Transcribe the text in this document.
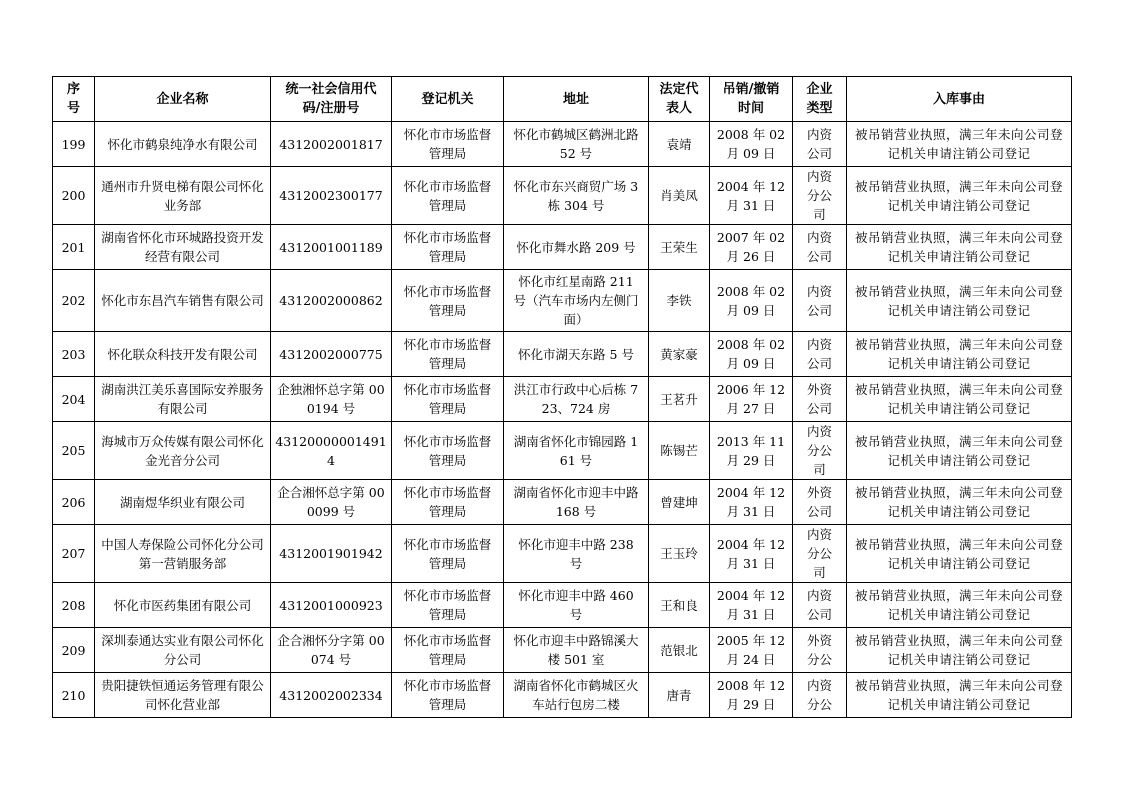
序号	企业名称	统一社会信用代码/注册号	登记机关	地址	法定代表人	吊销/撤销时间	企业类型	入库事由
199	怀化市鹤泉纯净水有限公司	4312002001817	怀化市市场监督管理局	怀化市鹤城区鹤洲北路 52 号	袁靖	2008 年 02 月 09 日	内资公司	被吊销营业执照，满三年未向公司登记机关申请注销公司登记
200	通州市升贤电梯有限公司怀化业务部	4312002300177	怀化市市场监督管理局	怀化市东兴商贸广场 3 栋 304 号	肖美凤	2004 年 12 月 31 日	内资分公司	被吊销营业执照，满三年未向公司登记机关申请注销公司登记
201	湖南省怀化市环城路投资开发经营有限公司	4312001001189	怀化市市场监督管理局	怀化市舞水路 209 号	王荣生	2007 年 02 月 26 日	内资公司	被吊销营业执照，满三年未向公司登记机关申请注销公司登记
202	怀化市东昌汽车销售有限公司	4312002000862	怀化市市场监督管理局	怀化市红星南路 211 号（汽车市场内左侧门面）	李铁	2008 年 02 月 09 日	内资公司	被吊销营业执照，满三年未向公司登记机关申请注销公司登记
203	怀化联众科技开发有限公司	4312002000775	怀化市市场监督管理局	怀化市湖天东路 5 号	黄家豪	2008 年 02 月 09 日	内资公司	被吊销营业执照，满三年未向公司登记机关申请注销公司登记
204	湖南洪江美乐喜国际安养服务有限公司	企独湘怀总字第 000194 号	怀化市市场监督管理局	洪江市行政中心后栋 723、724 房	王茗升	2006 年 12 月 27 日	外资公司	被吊销营业执照，满三年未向公司登记机关申请注销公司登记
205	海城市万众传媒有限公司怀化金光音分公司	431200000014914	怀化市市场监督管理局	湖南省怀化市锦园路 161 号	陈锡芒	2013 年 11 月 29 日	内资分公司	被吊销营业执照，满三年未向公司登记机关申请注销公司登记
206	湖南煜华织业有限公司	企合湘怀总字第 000099 号	怀化市市场监督管理局	湖南省怀化市迎丰中路 168 号	曾建坤	2004 年 12 月 31 日	外资公司	被吊销营业执照，满三年未向公司登记机关申请注销公司登记
207	中国人寿保险公司怀化分公司第一营销服务部	4312001901942	怀化市市场监督管理局	怀化市迎丰中路 238 号	王玉玲	2004 年 12 月 31 日	内资分公司	被吊销营业执照，满三年未向公司登记机关申请注销公司登记
208	怀化市医药集团有限公司	4312001000923	怀化市市场监督管理局	怀化市迎丰中路 460 号	王和良	2004 年 12 月 31 日	内资公司	被吊销营业执照，满三年未向公司登记机关申请注销公司登记
209	深圳泰通达实业有限公司怀化分公司	企合湘怀分字第 00074 号	怀化市市场监督管理局	怀化市迎丰中路锦溪大楼 501 室	范银北	2005 年 12 月 24 日	外资分公	被吊销营业执照，满三年未向公司登记机关申请注销公司登记
210	贵阳捷铁恒通运务管理有限公司怀化营业部	4312002002334	怀化市市场监督管理局	湖南省怀化市鹤城区火车站行包房二楼	唐青	2008 年 12 月 29 日	内资分公	被吊销营业执照，满三年未向公司登记机关申请注销公司登记
